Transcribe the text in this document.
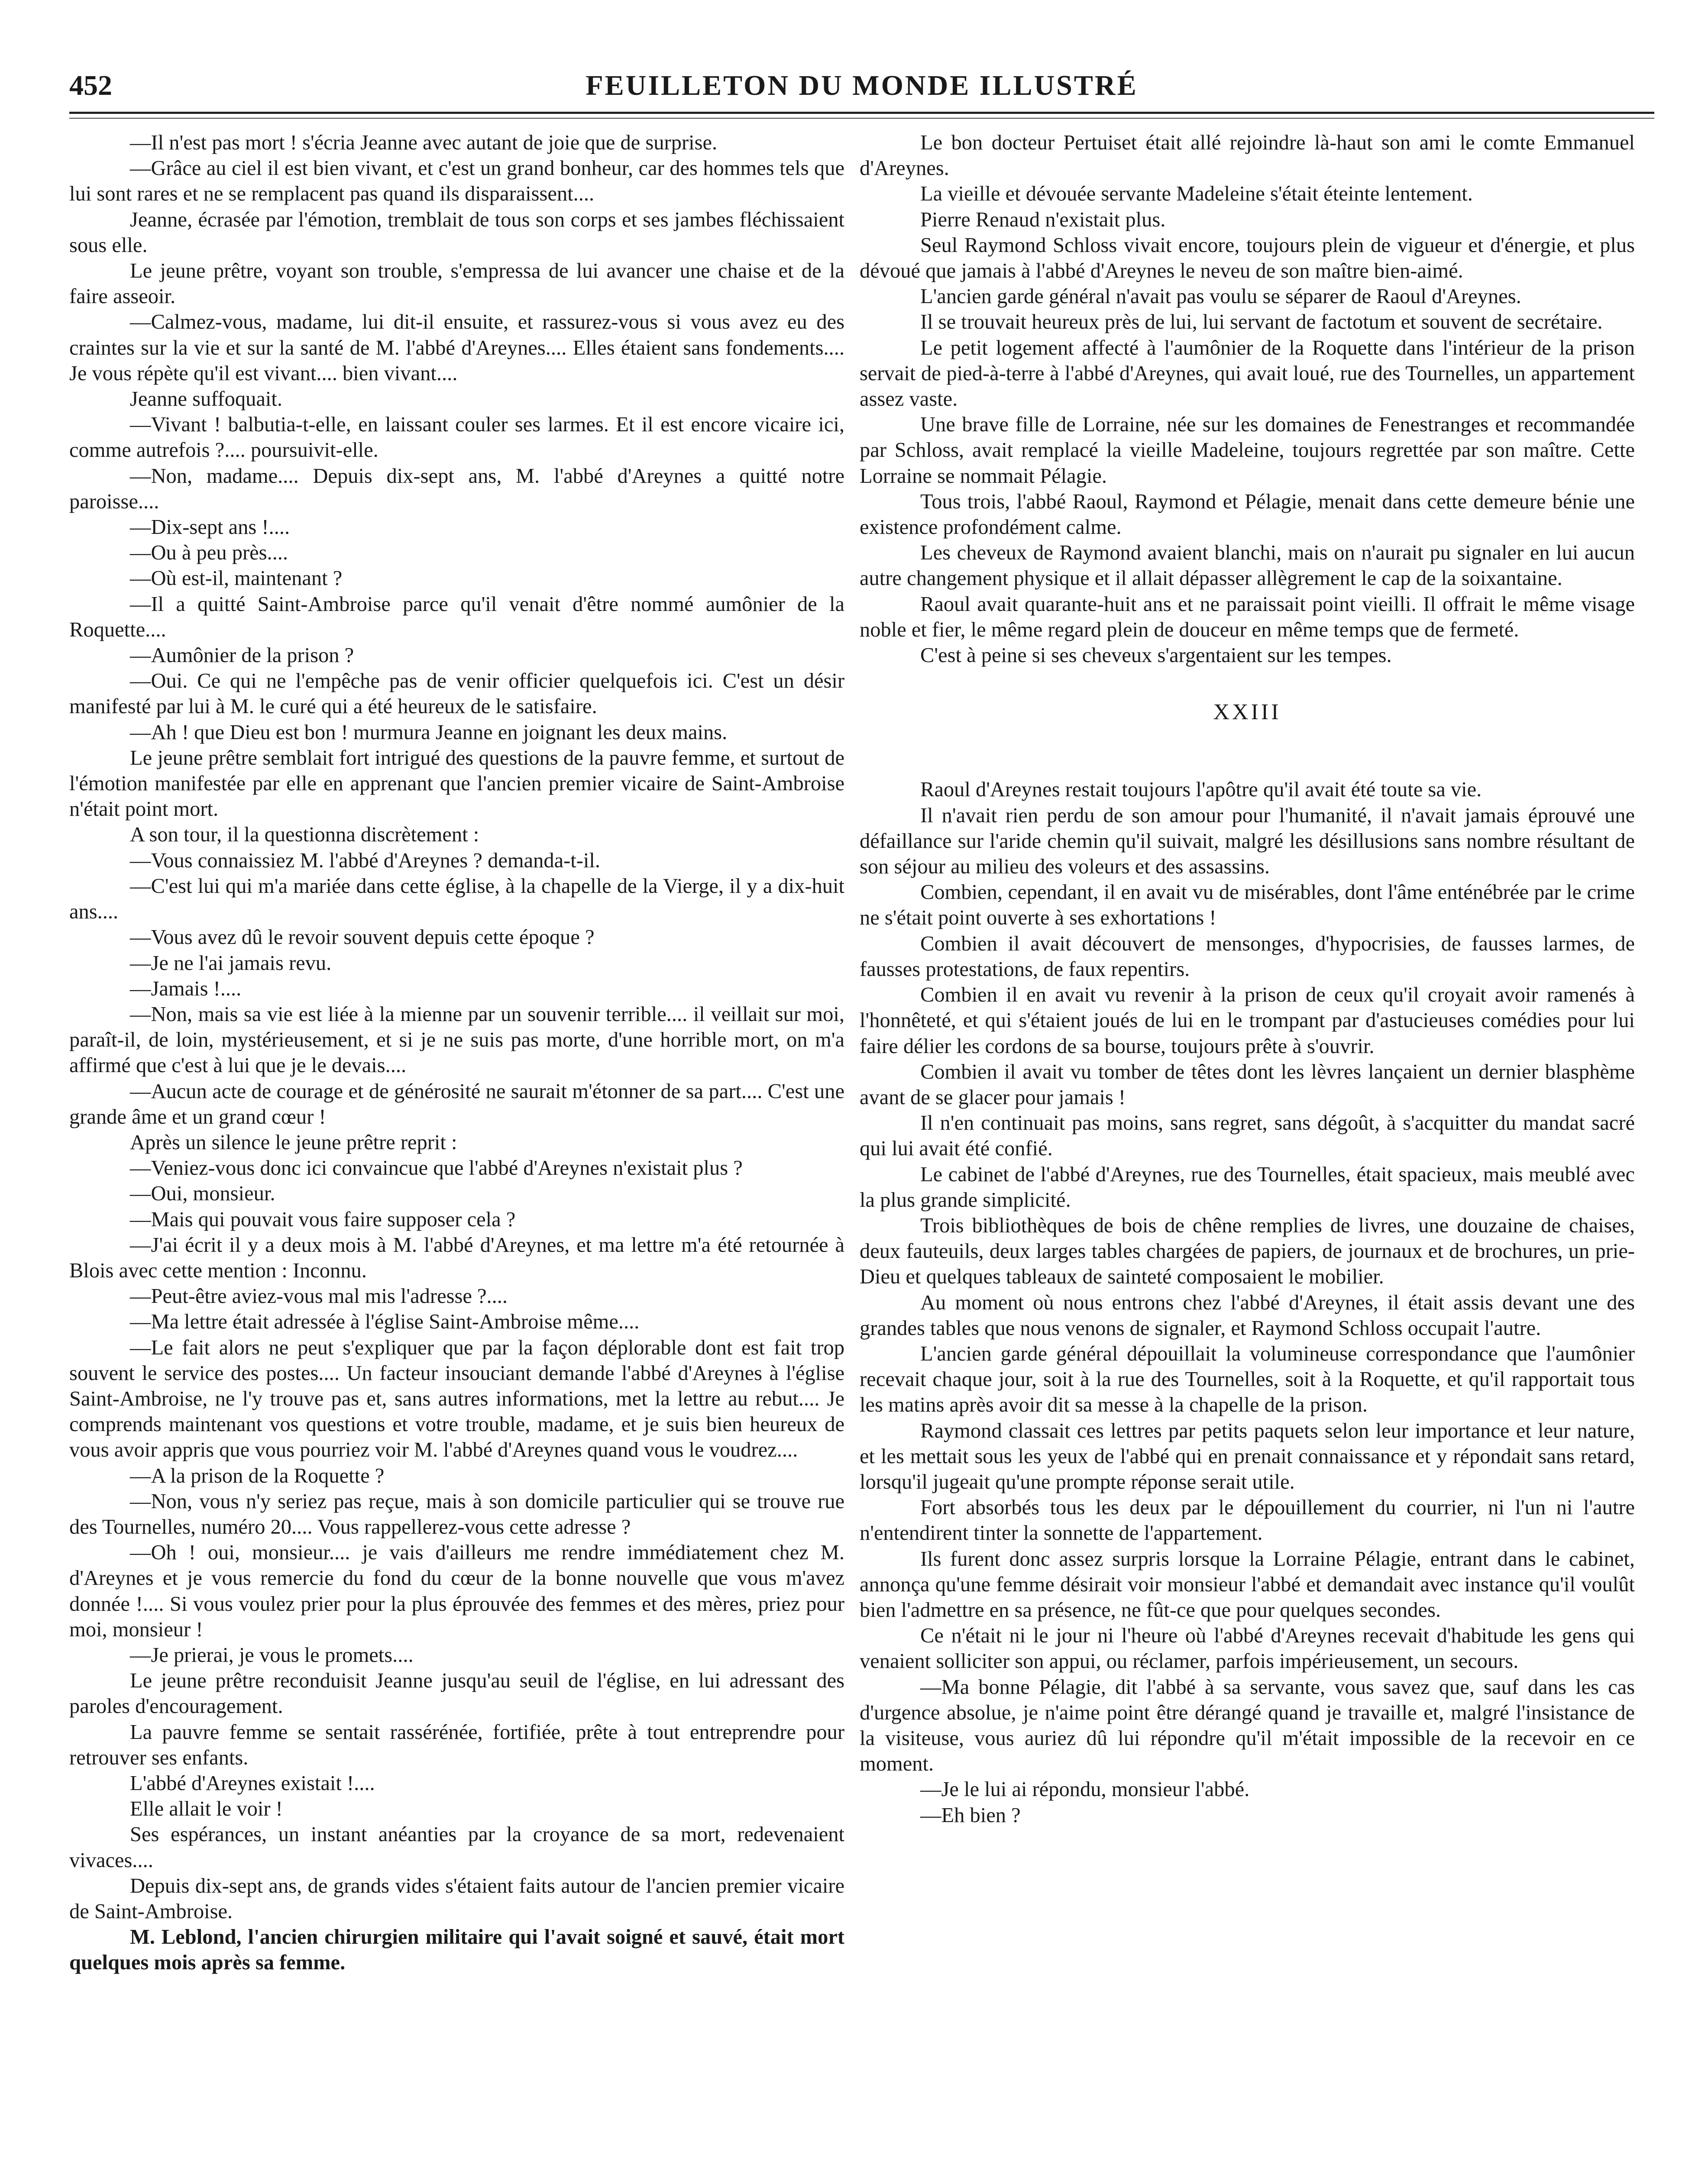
452	FEUILLETON DU MONDE ILLUSTRÉ

—Il n'est pas mort ! s'écria Jeanne avec autant de joie que de surprise.

—Grâce au ciel il est bien vivant, et c'est un grand bonheur, car des hommes tels que lui sont rares et ne se remplacent pas quand ils disparaissent....

Jeanne, écrasée par l'émotion, tremblait de tous son corps et ses jambes fléchissaient sous elle.

Le jeune prêtre, voyant son trouble, s'empressa de lui avancer une chaise et de la faire asseoir.

—Calmez-vous, madame, lui dit-il ensuite, et rassurez-vous si vous avez eu des craintes sur la vie et sur la santé de M. l'abbé d'Areynes.... Elles étaient sans fondements.... Je vous répète qu'il est vivant.... bien vivant....

Jeanne suffoquait.

—Vivant ! balbutia-t-elle, en laissant couler ses larmes. Et il est encore vicaire ici, comme autrefois ?.... poursuivit-elle.

—Non, madame.... Depuis dix-sept ans, M. l'abbé d'Areynes a quitté notre paroisse....

—Dix-sept ans !....

—Ou à peu près....

—Où est-il, maintenant ?

—Il a quitté Saint-Ambroise parce qu'il venait d'être nommé aumônier de la Roquette....

—Aumônier de la prison ?

—Oui. Ce qui ne l'empêche pas de venir officier quelquefois ici. C'est un désir manifesté par lui à M. le curé qui a été heureux de le satisfaire.

—Ah ! que Dieu est bon ! murmura Jeanne en joignant les deux mains.

Le jeune prêtre semblait fort intrigué des questions de la pauvre femme, et surtout de l'émotion manifestée par elle en apprenant que l'ancien premier vicaire de Saint-Ambroise n'était point mort.

A son tour, il la questionna discrètement :

—Vous connaissiez M. l'abbé d'Areynes ? demanda-t-il.

—C'est lui qui m'a mariée dans cette église, à la chapelle de la Vierge, il y a dix-huit ans....

—Vous avez dû le revoir souvent depuis cette époque ?

—Je ne l'ai jamais revu.

—Jamais !....

—Non, mais sa vie est liée à la mienne par un souvenir terrible.... il veillait sur moi, paraît-il, de loin, mystérieusement, et si je ne suis pas morte, d'une horrible mort, on m'a affirmé que c'est à lui que je le devais....

—Aucun acte de courage et de générosité ne saurait m'étonner de sa part.... C'est une grande âme et un grand cœur !

Après un silence le jeune prêtre reprit :

—Veniez-vous donc ici convaincue que l'abbé d'Areynes n'existait plus ?

—Oui, monsieur.

—Mais qui pouvait vous faire supposer cela ?

—J'ai écrit il y a deux mois à M. l'abbé d'Areynes, et ma lettre m'a été retournée à Blois avec cette mention : Inconnu.

—Peut-être aviez-vous mal mis l'adresse ?....

—Ma lettre était adressée à l'église Saint-Ambroise même....

—Le fait alors ne peut s'expliquer que par la façon déplorable dont est fait trop souvent le service des postes.... Un facteur insouciant demande l'abbé d'Areynes à l'église Saint-Ambroise, ne l'y trouve pas et, sans autres informations, met la lettre au rebut.... Je comprends maintenant vos questions et votre trouble, madame, et je suis bien heureux de vous avoir appris que vous pourriez voir M. l'abbé d'Areynes quand vous le voudrez....

—A la prison de la Roquette ?

—Non, vous n'y seriez pas reçue, mais à son domicile particulier qui se trouve rue des Tournelles, numéro 20.... Vous rappellerez-vous cette adresse ?

—Oh ! oui, monsieur.... je vais d'ailleurs me rendre immédiatement chez M. d'Areynes et je vous remercie du fond du cœur de la bonne nouvelle que vous m'avez donnée !.... Si vous voulez prier pour la plus éprouvée des femmes et des mères, priez pour moi, monsieur !

—Je prierai, je vous le promets....

Le jeune prêtre reconduisit Jeanne jusqu'au seuil de l'église, en lui adressant des paroles d'encouragement.

La pauvre femme se sentait rassérénée, fortifiée, prête à tout entreprendre pour retrouver ses enfants.

L'abbé d'Areynes existait !....

Elle allait le voir !

Ses espérances, un instant anéanties par la croyance de sa mort, redevenaient vivaces....

Depuis dix-sept ans, de grands vides s'étaient faits autour de l'ancien premier vicaire de Saint-Ambroise.

M. Leblond, l'ancien chirurgien militaire qui l'avait soigné et sauvé, était mort quelques mois après sa femme.

Le bon docteur Pertuiset était allé rejoindre là-haut son ami le comte Emmanuel d'Areynes.

La vieille et dévouée servante Madeleine s'était éteinte lentement.

Pierre Renaud n'existait plus.

Seul Raymond Schloss vivait encore, toujours plein de vigueur et d'énergie, et plus dévoué que jamais à l'abbé d'Areynes le neveu de son maître bien-aimé.

L'ancien garde général n'avait pas voulu se séparer de Raoul d'Areynes.

Il se trouvait heureux près de lui, lui servant de factotum et souvent de secrétaire.

Le petit logement affecté à l'aumônier de la Roquette dans l'intérieur de la prison servait de pied-à-terre à l'abbé d'Areynes, qui avait loué, rue des Tournelles, un appartement assez vaste.

Une brave fille de Lorraine, née sur les domaines de Fenestranges et recommandée par Schloss, avait remplacé la vieille Madeleine, toujours regrettée par son maître. Cette Lorraine se nommait Pélagie.

Tous trois, l'abbé Raoul, Raymond et Pélagie, menait dans cette demeure bénie une existence profondément calme.

Les cheveux de Raymond avaient blanchi, mais on n'aurait pu signaler en lui aucun autre changement physique et il allait dépasser allègrement le cap de la soixantaine.

Raoul avait quarante-huit ans et ne paraissait point vieilli. Il offrait le même visage noble et fier, le même regard plein de douceur en même temps que de fermeté.

C'est à peine si ses cheveux s'argentaient sur les tempes.

XXIII

Raoul d'Areynes restait toujours l'apôtre qu'il avait été toute sa vie.

Il n'avait rien perdu de son amour pour l'humanité, il n'avait jamais éprouvé une défaillance sur l'aride chemin qu'il suivait, malgré les désillusions sans nombre résultant de son séjour au milieu des voleurs et des assassins.

Combien, cependant, il en avait vu de misérables, dont l'âme enténébrée par le crime ne s'était point ouverte à ses exhortations !

Combien il avait découvert de mensonges, d'hypocrisies, de fausses larmes, de fausses protestations, de faux repentirs.

Combien il en avait vu revenir à la prison de ceux qu'il croyait avoir ramenés à l'honnêteté, et qui s'étaient joués de lui en le trompant par d'astucieuses comédies pour lui faire délier les cordons de sa bourse, toujours prête à s'ouvrir.

Combien il avait vu tomber de têtes dont les lèvres lançaient un dernier blasphème avant de se glacer pour jamais !

Il n'en continuait pas moins, sans regret, sans dégoût, à s'acquitter du mandat sacré qui lui avait été confié.

Le cabinet de l'abbé d'Areynes, rue des Tournelles, était spacieux, mais meublé avec la plus grande simplicité.

Trois bibliothèques de bois de chêne remplies de livres, une douzaine de chaises, deux fauteuils, deux larges tables chargées de papiers, de journaux et de brochures, un prie-Dieu et quelques tableaux de sainteté composaient le mobilier.

Au moment où nous entrons chez l'abbé d'Areynes, il était assis devant une des grandes tables que nous venons de signaler, et Raymond Schloss occupait l'autre.

L'ancien garde général dépouillait la volumineuse correspondance que l'aumônier recevait chaque jour, soit à la rue des Tournelles, soit à la Roquette, et qu'il rapportait tous les matins après avoir dit sa messe à la chapelle de la prison.

Raymond classait ces lettres par petits paquets selon leur importance et leur nature, et les mettait sous les yeux de l'abbé qui en prenait connaissance et y répondait sans retard, lorsqu'il jugeait qu'une prompte réponse serait utile.

Fort absorbés tous les deux par le dépouillement du courrier, ni l'un ni l'autre n'entendirent tinter la sonnette de l'appartement.

Ils furent donc assez surpris lorsque la Lorraine Pélagie, entrant dans le cabinet, annonça qu'une femme désirait voir monsieur l'abbé et demandait avec instance qu'il voulût bien l'admettre en sa présence, ne fût-ce que pour quelques secondes.

Ce n'était ni le jour ni l'heure où l'abbé d'Areynes recevait d'habitude les gens qui venaient solliciter son appui, ou réclamer, parfois impérieusement, un secours.

—Ma bonne Pélagie, dit l'abbé à sa servante, vous savez que, sauf dans les cas d'urgence absolue, je n'aime point être dérangé quand je travaille et, malgré l'insistance de la visiteuse, vous auriez dû lui répondre qu'il m'était impossible de la recevoir en ce moment.

—Je le lui ai répondu, monsieur l'abbé.

—Eh bien ?
